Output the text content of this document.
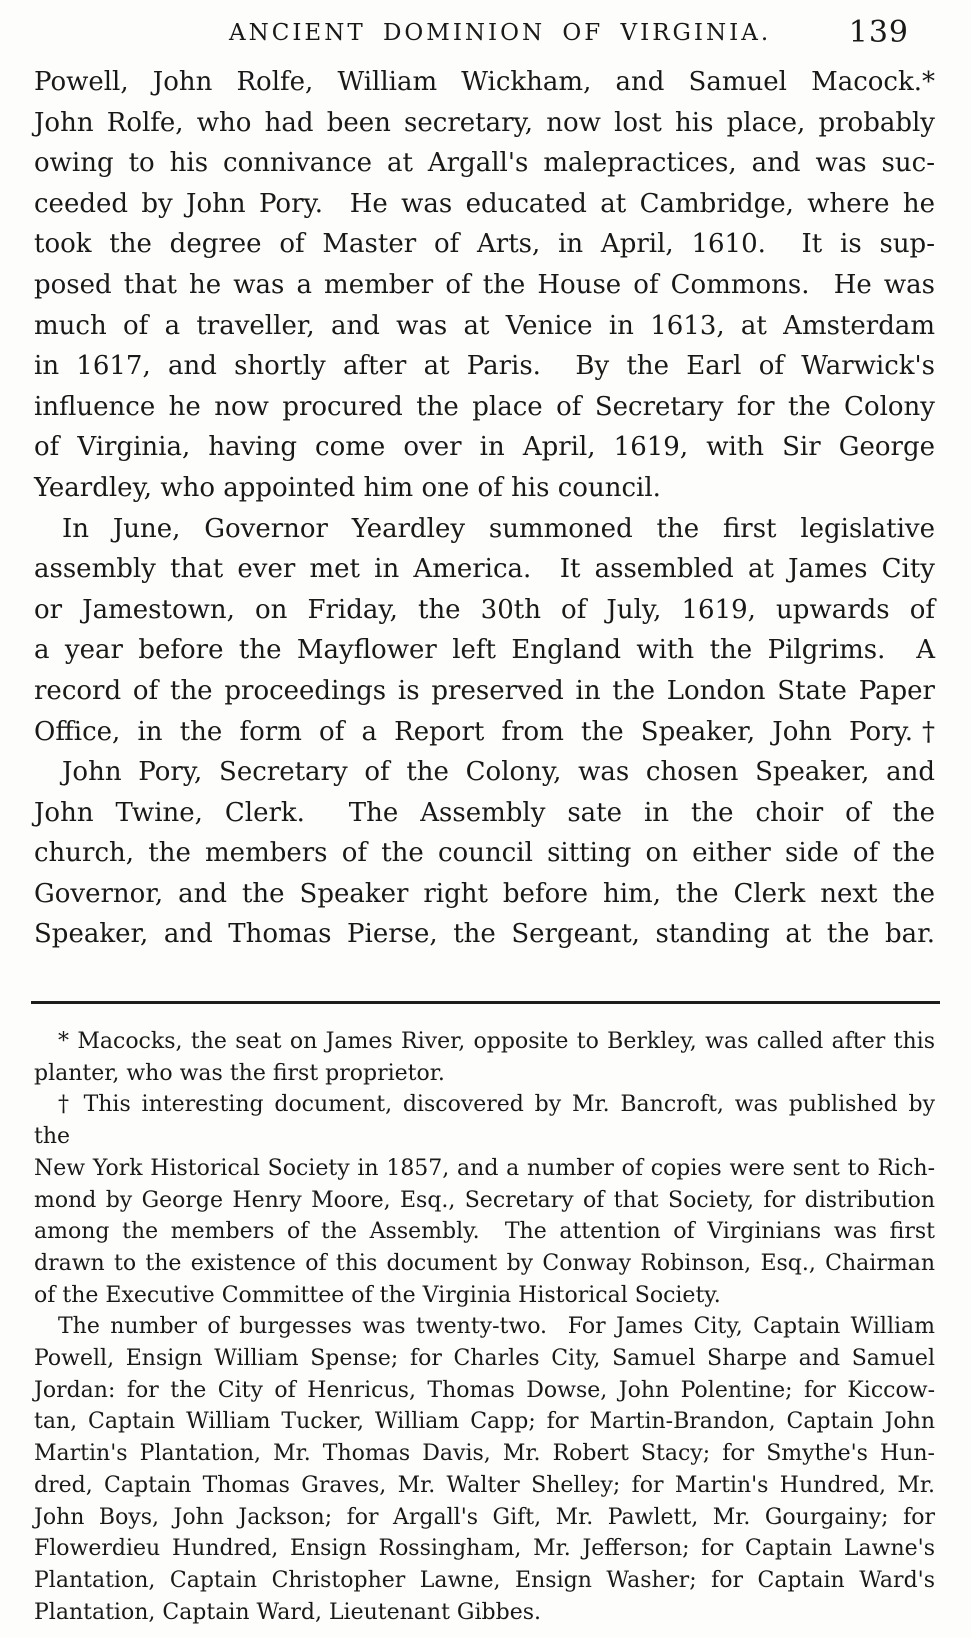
ANCIENT DOMINION OF VIRGINIA.	139
Powell, John Rolfe, William Wickham, and Samuel Macock.*
John Rolfe, who had been secretary, now lost his place, probably
owing to his connivance at Argall's malepractices, and was suc-
ceeded by John Pory.  He was educated at Cambridge, where he
took the degree of Master of Arts, in April, 1610.  It is sup-
posed that he was a member of the House of Commons.  He was
much of a traveller, and was at Venice in 1613, at Amsterdam
in 1617, and shortly after at Paris.  By the Earl of Warwick's
influence he now procured the place of Secretary for the Colony
of Virginia, having come over in April, 1619, with Sir George
Yeardley, who appointed him one of his council.
In June, Governor Yeardley summoned the first legislative
assembly that ever met in America.  It assembled at James City
or Jamestown, on Friday, the 30th of July, 1619, upwards of
a year before the Mayflower left England with the Pilgrims.  A
record of the proceedings is preserved in the London State Paper
Office, in the form of a Report from the Speaker, John Pory.†
John Pory, Secretary of the Colony, was chosen Speaker, and
John Twine, Clerk.  The Assembly sate in the choir of the
church, the members of the council sitting on either side of the
Governor, and the Speaker right before him, the Clerk next the
Speaker, and Thomas Pierse, the Sergeant, standing at the bar.
* Macocks, the seat on James River, opposite to Berkley, was called after this
planter, who was the first proprietor.
† This interesting document, discovered by Mr. Bancroft, was published by the
New York Historical Society in 1857, and a number of copies were sent to Rich-
mond by George Henry Moore, Esq., Secretary of that Society, for distribution
among the members of the Assembly.  The attention of Virginians was first
drawn to the existence of this document by Conway Robinson, Esq., Chairman
of the Executive Committee of the Virginia Historical Society.
The number of burgesses was twenty-two.  For James City, Captain William
Powell, Ensign William Spense; for Charles City, Samuel Sharpe and Samuel
Jordan: for the City of Henricus, Thomas Dowse, John Polentine; for Kiccow-
tan, Captain William Tucker, William Capp; for Martin-Brandon, Captain John
Martin's Plantation, Mr. Thomas Davis, Mr. Robert Stacy; for Smythe's Hun-
dred, Captain Thomas Graves, Mr. Walter Shelley; for Martin's Hundred, Mr.
John Boys, John Jackson; for Argall's Gift, Mr. Pawlett, Mr. Gourgainy; for
Flowerdieu Hundred, Ensign Rossingham, Mr. Jefferson; for Captain Lawne's
Plantation, Captain Christopher Lawne, Ensign Washer; for Captain Ward's
Plantation, Captain Ward, Lieutenant Gibbes.
